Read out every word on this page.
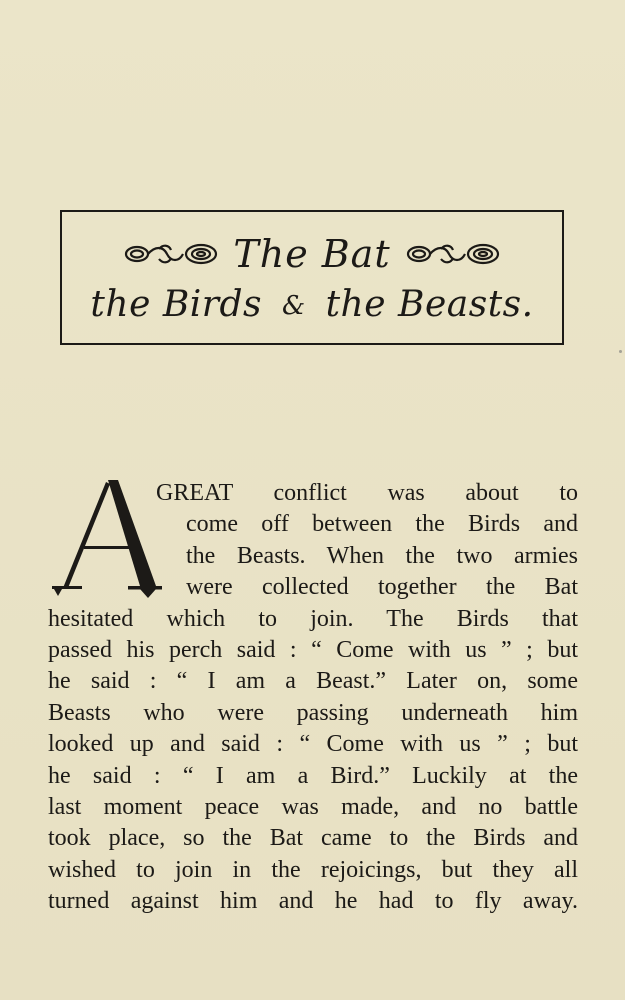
The Bat
the Birds & the Beasts.
GREAT conflict was about to
come off between the Birds and
the Beasts. When the two armies
were collected together the Bat
hesitated which to join. The Birds that
passed his perch said : “ Come with us ” ; but
he said : “ I am a Beast.” Later on, some
Beasts who were passing underneath him
looked up and said : “ Come with us ” ; but
he said : “ I am a Bird.” Luckily at the
last moment peace was made, and no battle
took place, so the Bat came to the Birds and
wished to join in the rejoicings, but they all
turned against him and he had to fly away.
